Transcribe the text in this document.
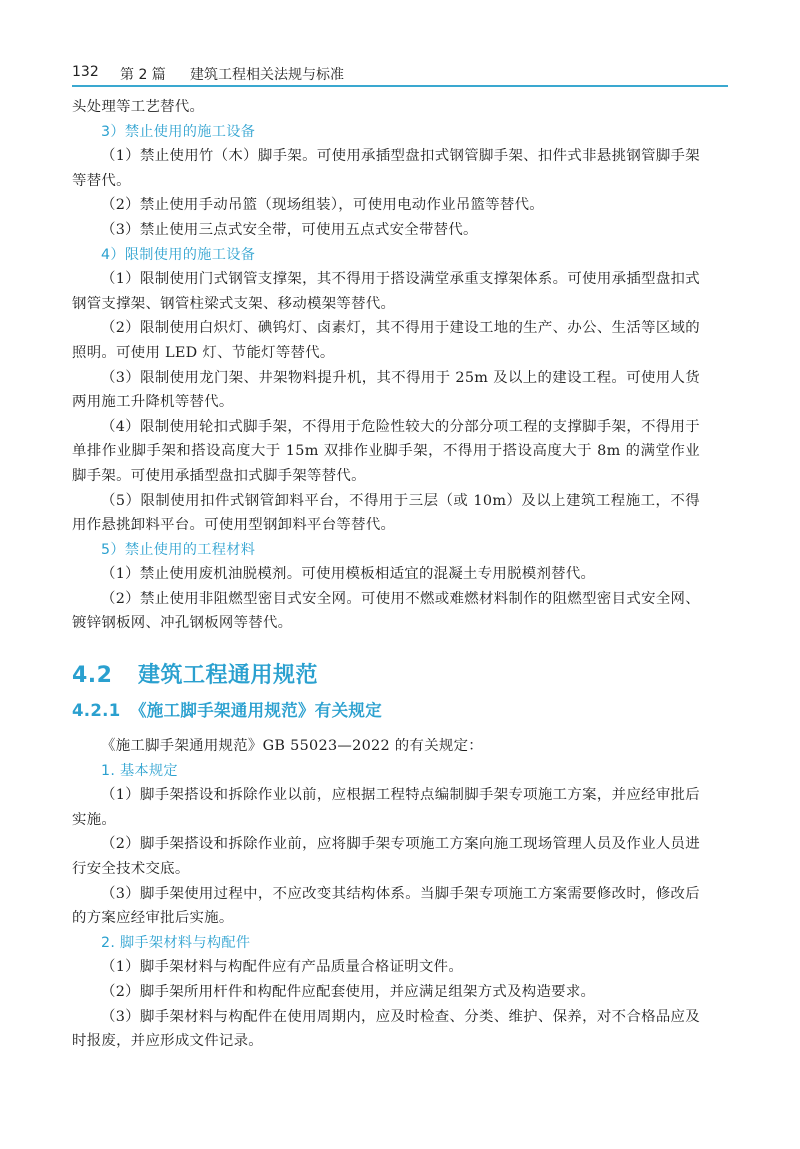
132 第 2 篇 建筑工程相关法规与标准

头处理等工艺替代。

3）禁止使用的施工设备

（1）禁止使用竹（木）脚手架。可使用承插型盘扣式钢管脚手架、扣件式非悬挑钢管脚手架等替代。

（2）禁止使用手动吊篮（现场组装），可使用电动作业吊篮等替代。

（3）禁止使用三点式安全带，可使用五点式安全带替代。

4）限制使用的施工设备

（1）限制使用门式钢管支撑架，其不得用于搭设满堂承重支撑架体系。可使用承插型盘扣式钢管支撑架、钢管柱梁式支架、移动模架等替代。

（2）限制使用白炽灯、碘钨灯、卤素灯，其不得用于建设工地的生产、办公、生活等区域的照明。可使用 LED 灯、节能灯等替代。

（3）限制使用龙门架、井架物料提升机，其不得用于 25m 及以上的建设工程。可使用人货两用施工升降机等替代。

（4）限制使用轮扣式脚手架，不得用于危险性较大的分部分项工程的支撑脚手架，不得用于单排作业脚手架和搭设高度大于 15m 双排作业脚手架，不得用于搭设高度大于 8m 的满堂作业脚手架。可使用承插型盘扣式脚手架等替代。

（5）限制使用扣件式钢管卸料平台，不得用于三层（或 10m）及以上建筑工程施工，不得用作悬挑卸料平台。可使用型钢卸料平台等替代。

5）禁止使用的工程材料

（1）禁止使用废机油脱模剂。可使用模板相适宜的混凝土专用脱模剂替代。

（2）禁止使用非阻燃型密目式安全网。可使用不燃或难燃材料制作的阻燃型密目式安全网、镀锌钢板网、冲孔钢板网等替代。

4.2 建筑工程通用规范
4.2.1 《施工脚手架通用规范》有关规定

《施工脚手架通用规范》GB 55023—2022 的有关规定：

1. 基本规定

（1）脚手架搭设和拆除作业以前，应根据工程特点编制脚手架专项施工方案，并应经审批后实施。

（2）脚手架搭设和拆除作业前，应将脚手架专项施工方案向施工现场管理人员及作业人员进行安全技术交底。

（3）脚手架使用过程中，不应改变其结构体系。当脚手架专项施工方案需要修改时，修改后的方案应经审批后实施。

2. 脚手架材料与构配件

（1）脚手架材料与构配件应有产品质量合格证明文件。

（2）脚手架所用杆件和构配件应配套使用，并应满足组架方式及构造要求。

（3）脚手架材料与构配件在使用周期内，应及时检查、分类、维护、保养，对不合格品应及时报废，并应形成文件记录。
